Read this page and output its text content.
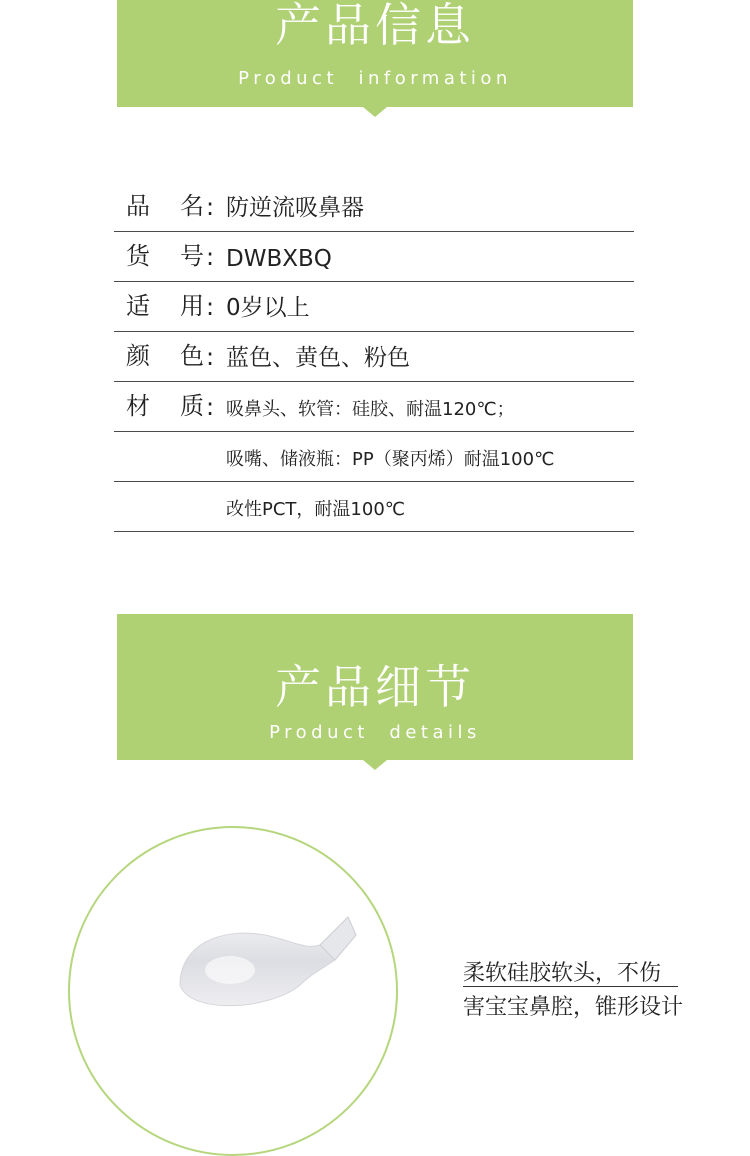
产品信息
Product  information
品 名 : 防逆流吸鼻器
货 号 : DWBXBQ
适 用 : 0岁以上
颜 色 : 蓝色、黄色、粉色
材 质 : 吸鼻头、软管：硅胶、耐温120℃；
吸嘴、储液瓶：PP（聚丙烯）耐温100℃
改性PCT，耐温100℃
产品细节
Product  details
柔软硅胶软头，不伤
害宝宝鼻腔，锥形设计
